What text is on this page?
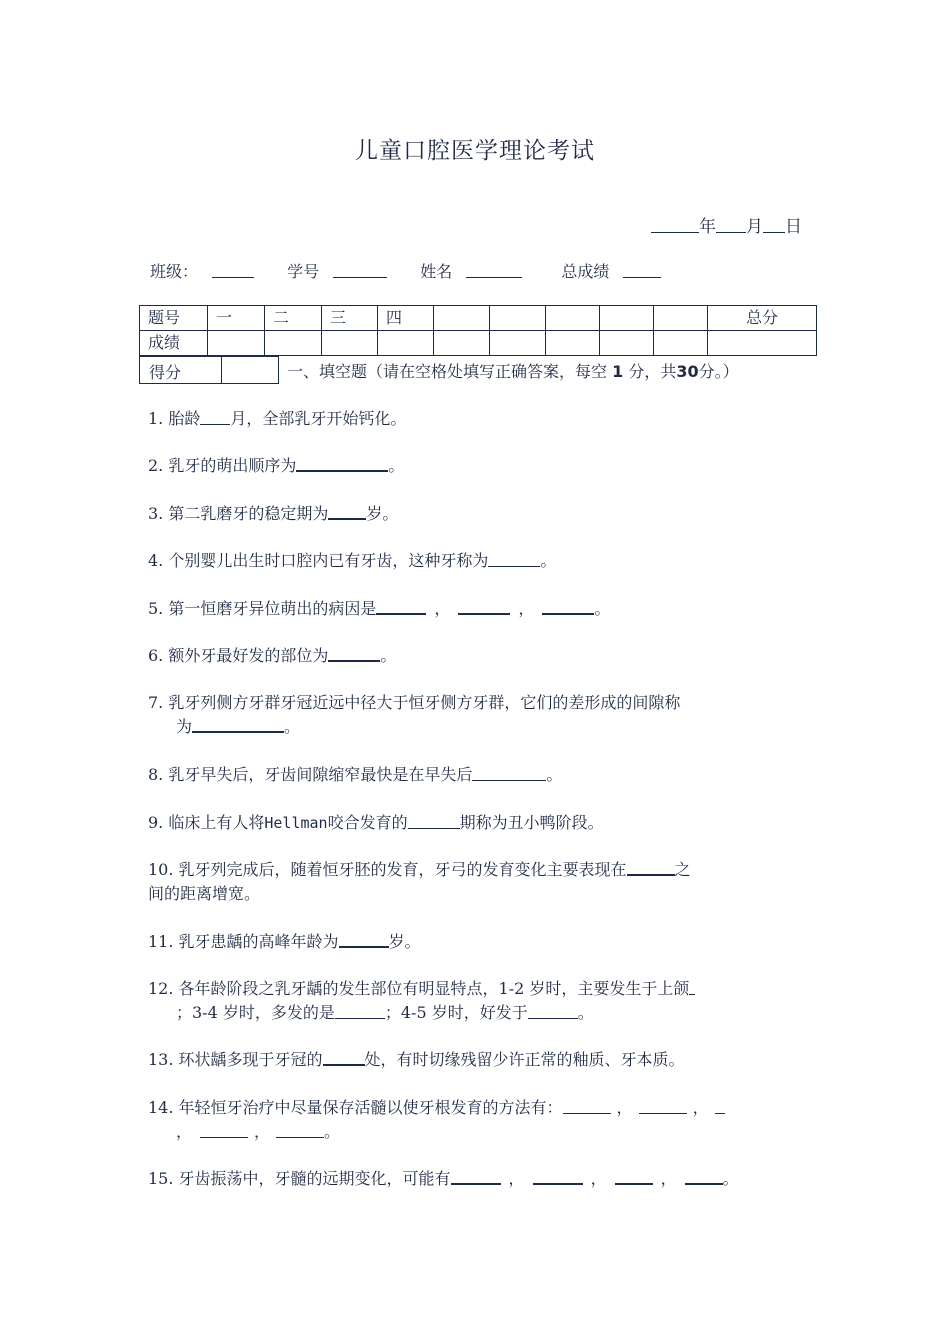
儿童口腔医学理论考试
年 月 日
班级：	学号	姓名	总成绩
题号	一	二	三	四						总分
成绩										
得分	一、填空题（请在空格处填写正确答案，每空 1 分，共30分。）
1. 胎龄 月，全部乳牙开始钙化。
2. 乳牙的萌出顺序为	。
3. 第二乳磨牙的稳定期为 岁。
4. 个别婴儿出生时口腔内已有牙齿，这种牙称为	。
5. 第一恒磨牙异位萌出的病因是	，	，	。
6. 额外牙最好发的部位为	。
7. 乳牙列侧方牙群牙冠近远中径大于恒牙侧方牙群，它们的差形成的间隙称
为	。
8. 乳牙早失后，牙齿间隙缩窄最快是在早失后	。
9. 临床上有人将Hellman咬合发育的	期称为丑小鸭阶段。
10. 乳牙列完成后，随着恒牙胚的发育，牙弓的发育变化主要表现在	之
间的距离增宽。
11. 乳牙患龋的高峰年龄为	岁。
12. 各年龄阶段之乳牙龋的发生部位有明显特点，1-2 岁时，主要发生于上颌
；3-4 岁时，多发的是	；4-5 岁时，好发于	。
13. 环状龋多现于牙冠的	处，有时切缘残留少许正常的釉质、牙本质。
14. 年轻恒牙治疗中尽量保存活髓以使牙根发育的方法有：	，	，
，	，	。
15. 牙齿振荡中，牙髓的远期变化，可能有	，	，	，	。
